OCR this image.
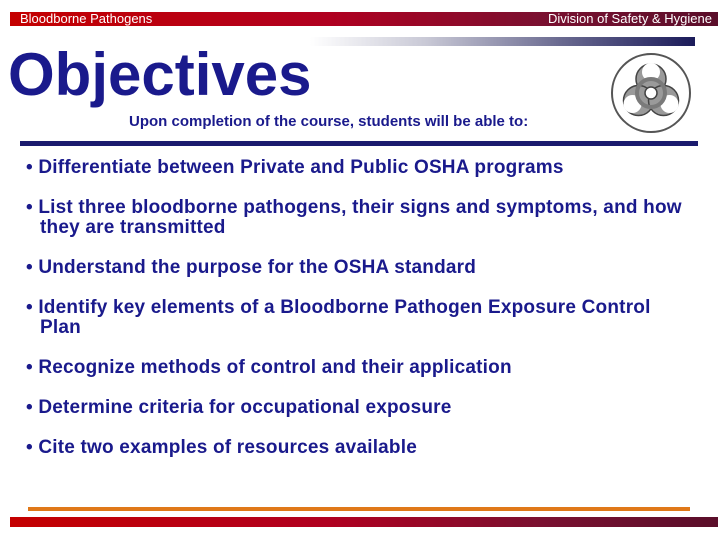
Bloodborne Pathogens	Division of Safety & Hygiene
Objectives
Upon completion of the course, students will be able to:
• Differentiate between Private and Public OSHA programs
• List three bloodborne pathogens, their signs and symptoms, and how they are transmitted
• Understand the purpose for the OSHA standard
• Identify key elements of a Bloodborne Pathogen Exposure Control Plan
• Recognize methods of control and their application
• Determine criteria for occupational exposure
• Cite two examples of resources available
